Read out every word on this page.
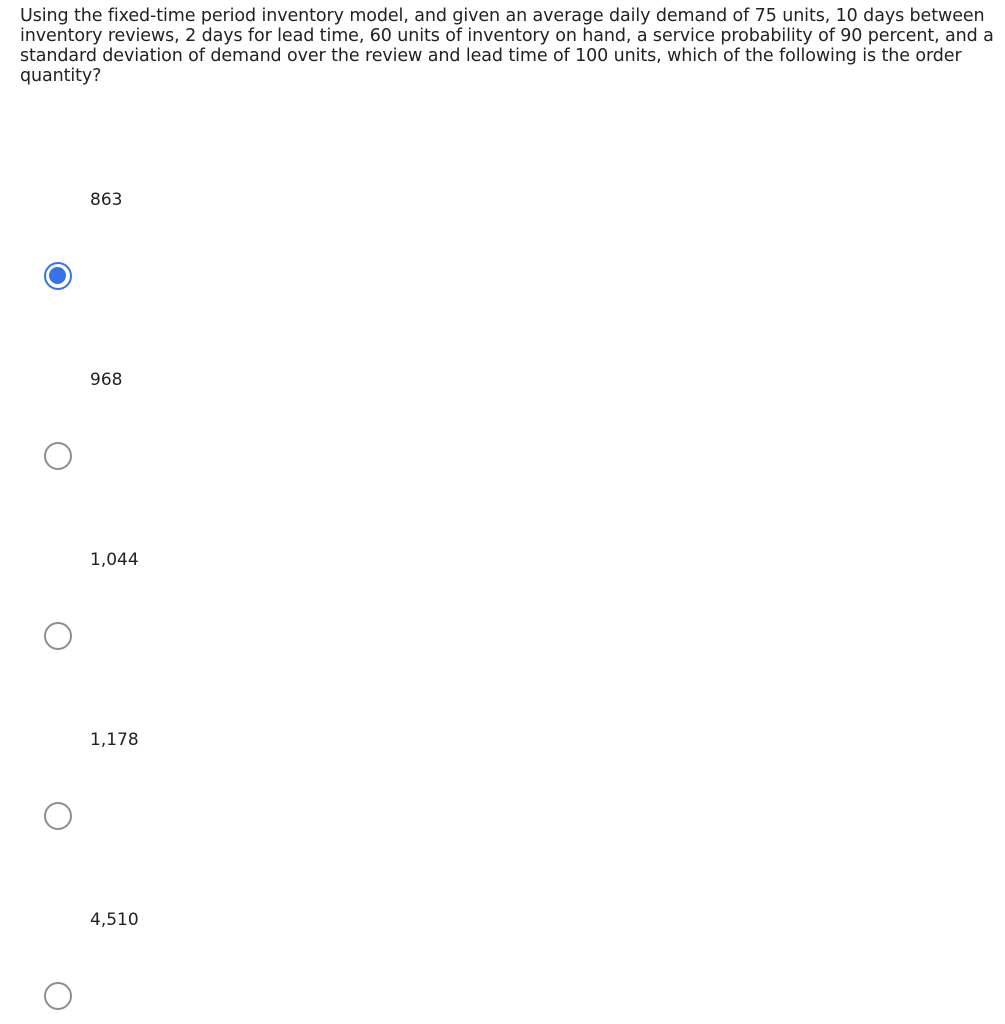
Using the fixed-time period inventory model, and given an average daily demand of 75 units, 10 days between inventory reviews, 2 days for lead time, 60 units of inventory on hand, a service probability of 90 percent, and a standard deviation of demand over the review and lead time of 100 units, which of the following is the order quantity?

863
968
1,044
1,178
4,510
